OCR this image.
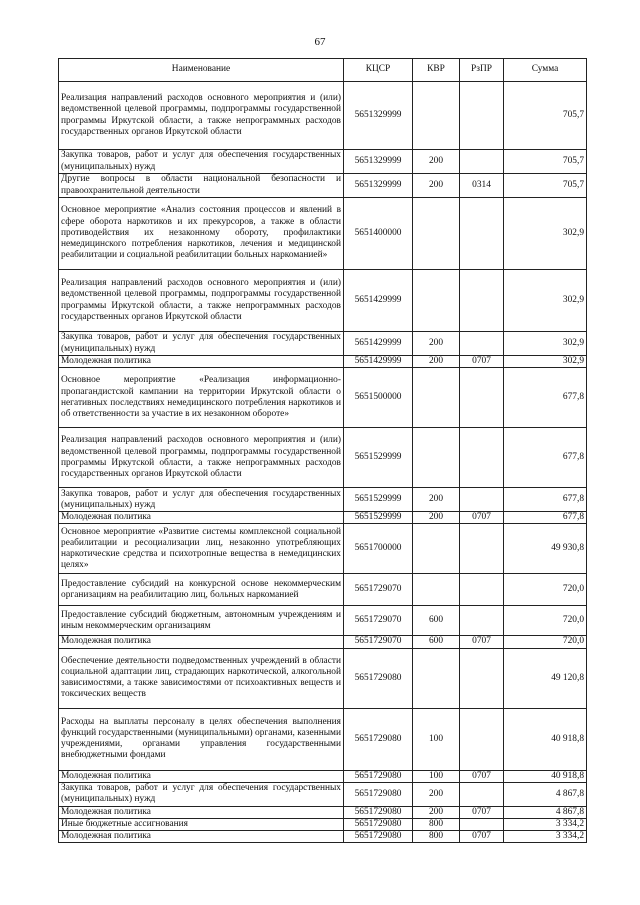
67
Наименование	КЦСР	КВР	РзПР	Сумма
Реализация направлений расходов основного мероприятия и (или) ведомственной целевой программы, подпрограммы государственной программы Иркутской области, а также непрограммных расходов государственных органов Иркутской области	5651329999			705,7
Закупка товаров, работ и услуг для обеспечения государственных (муниципальных) нужд	5651329999	200		705,7
Другие вопросы в области национальной безопасности и правоохранительной деятельности	5651329999	200	0314	705,7
Основное мероприятие «Анализ состояния процессов и явлений в сфере оборота наркотиков и их прекурсоров, а также в области противодействия их незаконному обороту, профилактики немедицинского потребления наркотиков, лечения и медицинской реабилитации и социальной реабилитации больных наркоманией»	5651400000			302,9
Реализация направлений расходов основного мероприятия и (или) ведомственной целевой программы, подпрограммы государственной программы Иркутской области, а также непрограммных расходов государственных органов Иркутской области	5651429999			302,9
Закупка товаров, работ и услуг для обеспечения государственных (муниципальных) нужд	5651429999	200		302,9
Молодежная политика	5651429999	200	0707	302,9
Основное мероприятие «Реализация информационно-пропагандистской кампании на территории Иркутской области о негативных последствиях немедицинского потребления наркотиков и об ответственности за участие в их незаконном обороте»	5651500000			677,8
Реализация направлений расходов основного мероприятия и (или) ведомственной целевой программы, подпрограммы государственной программы Иркутской области, а также непрограммных расходов государственных органов Иркутской области	5651529999			677,8
Закупка товаров, работ и услуг для обеспечения государственных (муниципальных) нужд	5651529999	200		677,8
Молодежная политика	5651529999	200	0707	677,8
Основное мероприятие «Развитие системы комплексной социальной реабилитации и ресоциализации лиц, незаконно употребляющих наркотические средства и психотропные вещества в немедицинских целях»	5651700000			49 930,8
Предоставление субсидий на конкурсной основе некоммерческим организациям на реабилитацию лиц, больных наркоманией	5651729070			720,0
Предоставление субсидий бюджетным, автономным учреждениям и иным некоммерческим организациям	5651729070	600		720,0
Молодежная политика	5651729070	600	0707	720,0
Обеспечение деятельности подведомственных учреждений в области социальной адаптации лиц, страдающих наркотической, алкогольной зависимостями, а также зависимостями от психоактивных веществ и токсических веществ	5651729080			49 120,8
Расходы на выплаты персоналу в целях обеспечения выполнения функций государственными (муниципальными) органами, казенными учреждениями, органами управления государственными внебюджетными фондами	5651729080	100		40 918,8
Молодежная политика	5651729080	100	0707	40 918,8
Закупка товаров, работ и услуг для обеспечения государственных (муниципальных) нужд	5651729080	200		4 867,8
Молодежная политика	5651729080	200	0707	4 867,8
Иные бюджетные ассигнования	5651729080	800		3 334,2
Молодежная политика	5651729080	800	0707	3 334,2
